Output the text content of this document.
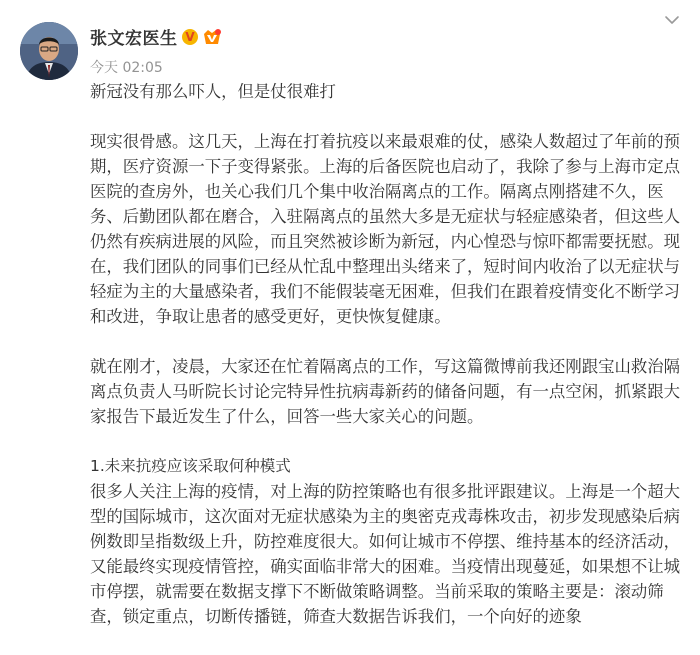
张文宏医生 V
今天 02:05

新冠没有那么吓人，但是仗很难打

现实很骨感。这几天，上海在打着抗疫以来最艰难的仗，感染人数超过了年前的预期，医疗资源一下子变得紧张。上海的后备医院也启动了，我除了参与上海市定点医院的查房外，也关心我们几个集中收治隔离点的工作。隔离点刚搭建不久，医务、后勤团队都在磨合，入驻隔离点的虽然大多是无症状与轻症感染者，但这些人仍然有疾病进展的风险，而且突然被诊断为新冠，内心惶恐与惊吓都需要抚慰。现在，我们团队的同事们已经从忙乱中整理出头绪来了，短时间内收治了以无症状与轻症为主的大量感染者，我们不能假装毫无困难，但我们在跟着疫情变化不断学习和改进，争取让患者的感受更好，更快恢复健康。

就在刚才，凌晨，大家还在忙着隔离点的工作，写这篇微博前我还刚跟宝山救治隔离点负责人马昕院长讨论完特异性抗病毒新药的储备问题，有一点空闲，抓紧跟大家报告下最近发生了什么，回答一些大家关心的问题。

1.未来抗疫应该采取何种模式

很多人关注上海的疫情，对上海的防控策略也有很多批评跟建议。上海是一个超大型的国际城市，这次面对无症状感染为主的奥密克戎毒株攻击，初步发现感染后病例数即呈指数级上升，防控难度很大。如何让城市不停摆、维持基本的经济活动，又能最终实现疫情管控，确实面临非常大的困难。当疫情出现蔓延，如果想不让城市停摆，就需要在数据支撑下不断做策略调整。当前采取的策略主要是：滚动筛查，锁定重点，切断传播链，筛查大数据告诉我们，一个向好的迹象
